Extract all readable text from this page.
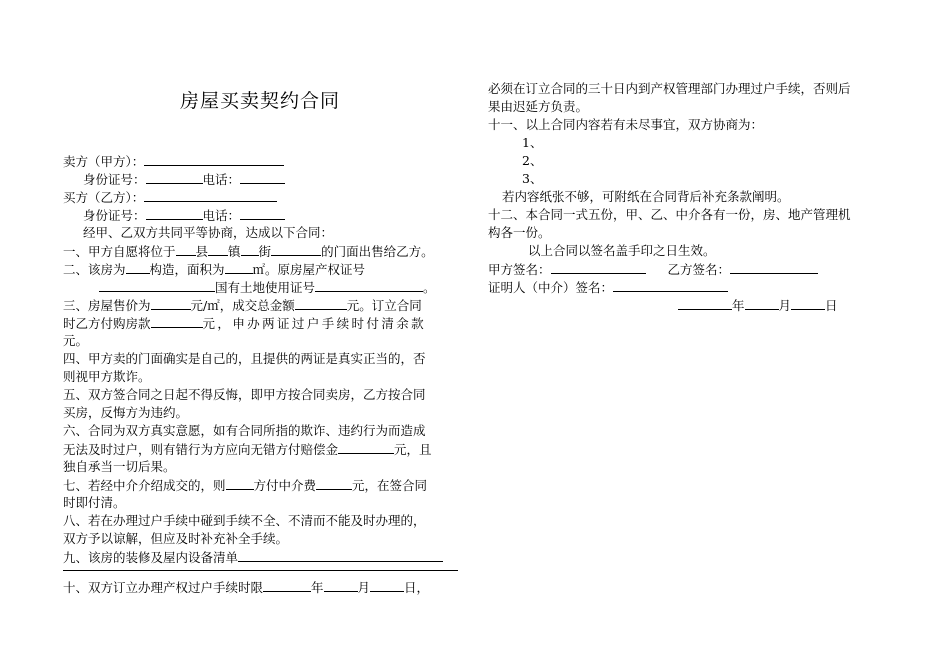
房屋买卖契约合同
卖方（甲方）：
身份证号：	电话：
买方（乙方）：
身份证号：	电话：
经甲、乙双方共同平等协商，达成以下合同：
一、甲方自愿将位于 县 镇 街	的门面出售给乙方。
二、该房为 构造，面积为 ㎡。原房屋产权证号
国有土地使用证号	。
三、房屋售价为	元/㎡，成交总金额	元。订立合同
时乙方付购房款	元，申办两证过户手续时付清余款
元。
四、甲方卖的门面确实是自己的，且提供的两证是真实正当的，否
则视甲方欺诈。
五、双方签合同之日起不得反悔，即甲方按合同卖房，乙方按合同
买房，反悔方为违约。
六、合同为双方真实意愿，如有合同所指的欺诈、违约行为而造成
无法及时过户，则有错行为方应向无错方付赔偿金	元，且
独自承当一切后果。
七、若经中介介绍成交的，则 方付中介费	元，在签合同
时即付清。
八、若在办理过户手续中碰到手续不全、不清而不能及时办理的，
双方予以谅解，但应及时补充补全手续。
九、该房的装修及屋内设备清单
十、双方订立办理产权过户手续时限	年	月	日，
必须在订立合同的三十日内到产权管理部门办理过户手续，否则后
果由迟延方负责。
十一、以上合同内容若有未尽事宜，双方协商为：
1、
2、
3、
若内容纸张不够，可附纸在合同背后补充条款阐明。
十二、本合同一式五份，甲、乙、中介各有一份，房、地产管理机
构各一份。
以上合同以签名盖手印之日生效。
甲方签名：	乙方签名：
证明人（中介）签名：
年	月	日
